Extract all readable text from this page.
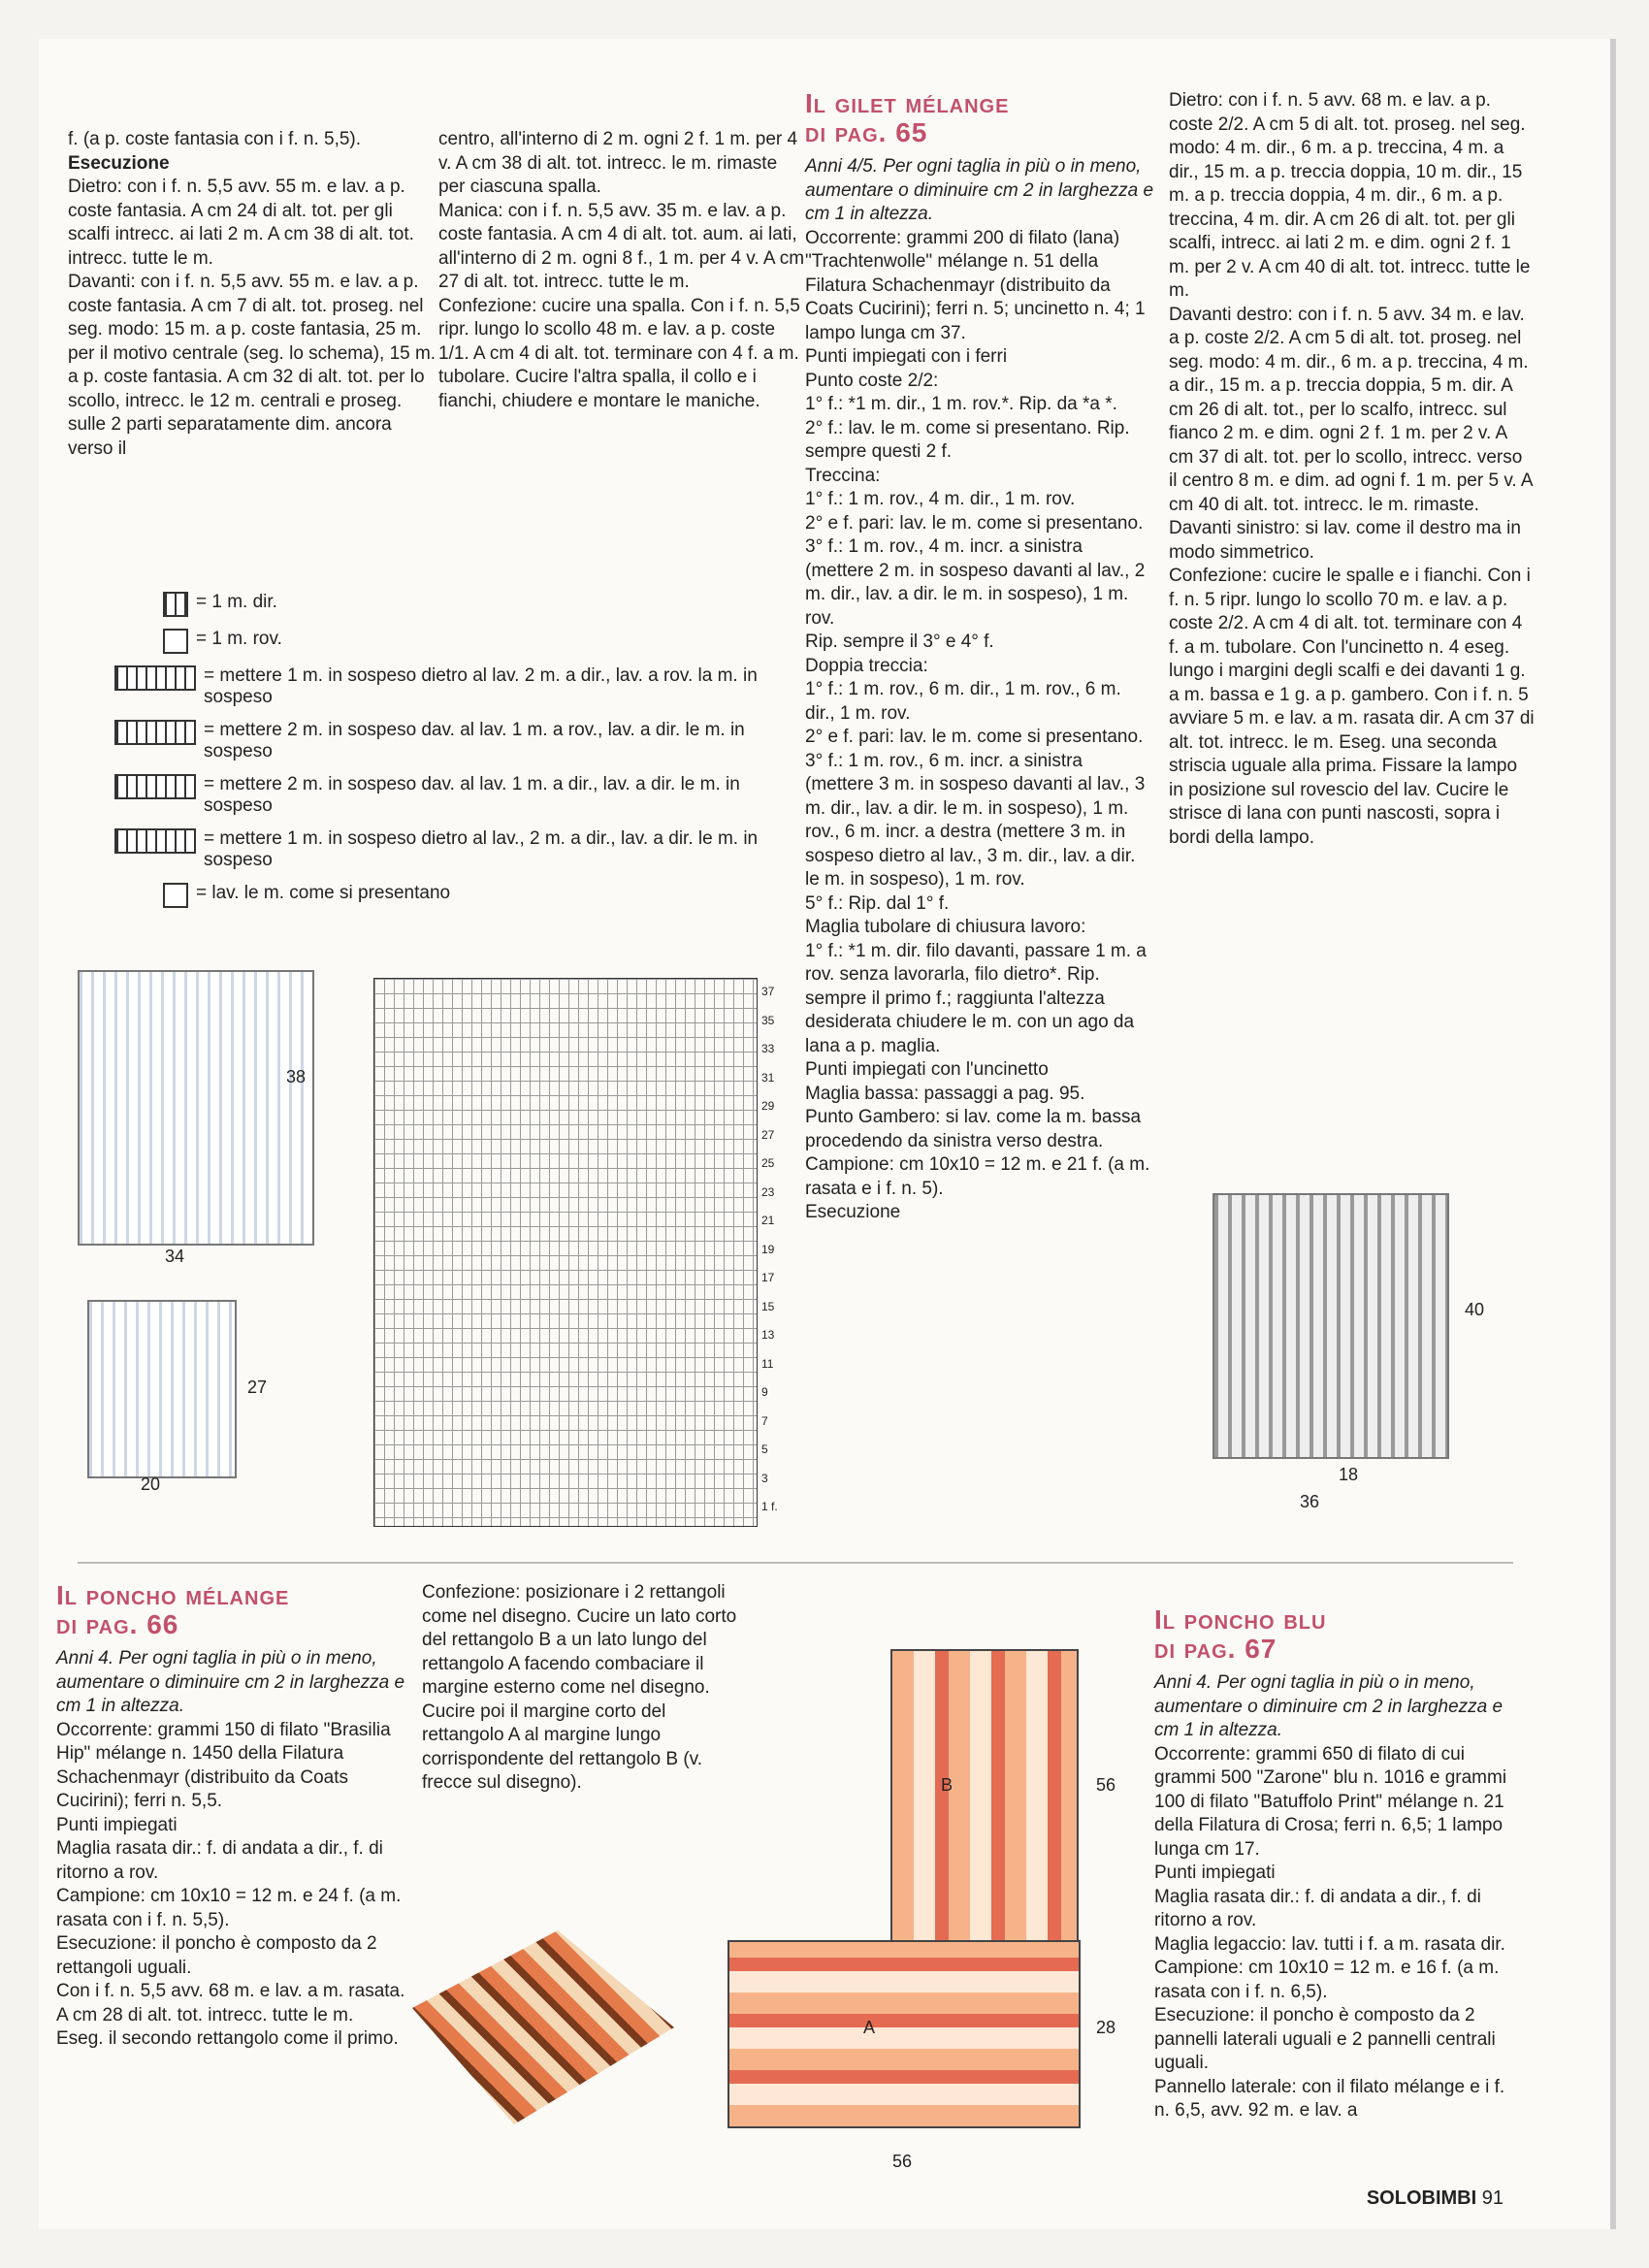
f. (a p. coste fantasia con i f. n. 5,5).

Esecuzione

Dietro: con i f. n. 5,5 avv. 55 m. e lav. a p. coste fantasia. A cm 24 di alt. tot. per gli scalfi intrecc. ai lati 2 m. A cm 38 di alt. tot. intrecc. tutte le m.

Davanti: con i f. n. 5,5 avv. 55 m. e lav. a p. coste fantasia. A cm 7 di alt. tot. proseg. nel seg. modo: 15 m. a p. coste fantasia, 25 m. per il motivo centrale (seg. lo schema), 15 m. a p. coste fantasia. A cm 32 di alt. tot. per lo scollo, intrecc. le 12 m. centrali e proseg. sulle 2 parti separatamente dim. ancora verso il

centro, all'interno di 2 m. ogni 2 f. 1 m. per 4 v. A cm 38 di alt. tot. intrecc. le m. rimaste per ciascuna spalla.

Manica: con i f. n. 5,5 avv. 35 m. e lav. a p. coste fantasia. A cm 4 di alt. tot. aum. ai lati, all'interno di 2 m. ogni 8 f., 1 m. per 4 v. A cm 27 di alt. tot. intrecc. tutte le m.

Confezione: cucire una spalla. Con i f. n. 5,5 ripr. lungo lo scollo 48 m. e lav. a p. coste 1/1. A cm 4 di alt. tot. terminare con 4 f. a m. tubolare. Cucire l'altra spalla, il collo e i fianchi, chiudere e montare le maniche.

= 1 m. dir.
= 1 m. rov.
= mettere 1 m. in sospeso dietro al lav. 2 m. a dir., lav. a rov. la m. in sospeso
= mettere 2 m. in sospeso dav. al lav. 1 m. a rov., lav. a dir. le m. in sospeso
= mettere 2 m. in sospeso dav. al lav. 1 m. a dir., lav. a dir. le m. in sospeso
= mettere 1 m. in sospeso dietro al lav., 2 m. a dir., lav. a dir. le m. in sospeso
= lav. le m. come si presentano
38
34
27
20
37
35
33
31
29
27
25
23
21
19
17
15
13
11
9
7
5
3
1 f.

Il gilet mélange

di pag. 65

Anni 4/5. Per ogni taglia in più o in meno, aumentare o diminuire cm 2 in larghezza e cm 1 in altezza.

Occorrente: grammi 200 di filato (lana) "Trachtenwolle" mélange n. 51 della Filatura Schachenmayr (distribuito da Coats Cucirini); ferri n. 5; uncinetto n. 4; 1 lampo lunga cm 37.

Punti impiegati con i ferri

Punto coste 2/2:

1° f.: *1 m. dir., 1 m. rov.*. Rip. da *a *.

2° f.: lav. le m. come si presentano. Rip. sempre questi 2 f.

Treccina:

1° f.: 1 m. rov., 4 m. dir., 1 m. rov.

2° e f. pari: lav. le m. come si presentano.

3° f.: 1 m. rov., 4 m. incr. a sinistra (mettere 2 m. in sospeso davanti al lav., 2 m. dir., lav. a dir. le m. in sospeso), 1 m. rov.

Rip. sempre il 3° e 4° f.

Doppia treccia:

1° f.: 1 m. rov., 6 m. dir., 1 m. rov., 6 m. dir., 1 m. rov.

2° e f. pari: lav. le m. come si presentano.

3° f.: 1 m. rov., 6 m. incr. a sinistra (mettere 3 m. in sospeso davanti al lav., 3 m. dir., lav. a dir. le m. in sospeso), 1 m. rov., 6 m. incr. a destra (mettere 3 m. in sospeso dietro al lav., 3 m. dir., lav. a dir. le m. in sospeso), 1 m. rov.

5° f.: Rip. dal 1° f.

Maglia tubolare di chiusura lavoro:

1° f.: *1 m. dir. filo davanti, passare 1 m. a rov. senza lavorarla, filo dietro*. Rip. sempre il primo f.; raggiunta l'altezza desiderata chiudere le m. con un ago da lana a p. maglia.

Punti impiegati con l'uncinetto

Maglia bassa: passaggi a pag. 95.

Punto Gambero: si lav. come la m. bassa procedendo da sinistra verso destra.

Campione: cm 10x10 = 12 m. e 21 f. (a m. rasata e i f. n. 5).

Esecuzione

Dietro: con i f. n. 5 avv. 68 m. e lav. a p. coste 2/2. A cm 5 di alt. tot. proseg. nel seg. modo: 4 m. dir., 6 m. a p. treccina, 4 m. a dir., 15 m. a p. treccia doppia, 10 m. dir., 15 m. a p. treccia doppia, 4 m. dir., 6 m. a p. treccina, 4 m. dir. A cm 26 di alt. tot. per gli scalfi, intrecc. ai lati 2 m. e dim. ogni 2 f. 1 m. per 2 v. A cm 40 di alt. tot. intrecc. tutte le m.

Davanti destro: con i f. n. 5 avv. 34 m. e lav. a p. coste 2/2. A cm 5 di alt. tot. proseg. nel seg. modo: 4 m. dir., 6 m. a p. treccina, 4 m. a dir., 15 m. a p. treccia doppia, 5 m. dir. A cm 26 di alt. tot., per lo scalfo, intrecc. sul fianco 2 m. e dim. ogni 2 f. 1 m. per 2 v. A cm 37 di alt. tot. per lo scollo, intrecc. verso il centro 8 m. e dim. ad ogni f. 1 m. per 5 v. A cm 40 di alt. tot. intrecc. le m. rimaste.

Davanti sinistro: si lav. come il destro ma in modo simmetrico.

Confezione: cucire le spalle e i fianchi. Con i f. n. 5 ripr. lungo lo scollo 70 m. e lav. a p. coste 2/2. A cm 4 di alt. tot. terminare con 4 f. a m. tubolare. Con l'uncinetto n. 4 eseg. lungo i margini degli scalfi e dei davanti 1 g. a m. bassa e 1 g. a p. gambero. Con i f. n. 5 avviare 5 m. e lav. a m. rasata dir. A cm 37 di alt. tot. intrecc. le m. Eseg. una seconda striscia uguale alla prima. Fissare la lampo in posizione sul rovescio del lav. Cucire le strisce di lana con punti nascosti, sopra i bordi della lampo.

40
18
36

Il poncho mélange

di pag. 66

Anni 4. Per ogni taglia in più o in meno, aumentare o diminuire cm 2 in larghezza e cm 1 in altezza.

Occorrente: grammi 150 di filato "Brasilia Hip" mélange n. 1450 della Filatura Schachenmayr (distribuito da Coats Cucirini); ferri n. 5,5.

Punti impiegati

Maglia rasata dir.: f. di andata a dir., f. di ritorno a rov.

Campione: cm 10x10 = 12 m. e 24 f. (a m. rasata con i f. n. 5,5).

Esecuzione: il poncho è composto da 2 rettangoli uguali.

Con i f. n. 5,5 avv. 68 m. e lav. a m. rasata. A cm 28 di alt. tot. intrecc. tutte le m.

Eseg. il secondo rettangolo come il primo.

Confezione: posizionare i 2 rettangoli come nel disegno. Cucire un lato corto del rettangolo B a un lato lungo del rettangolo A facendo combaciare il margine esterno come nel disegno. Cucire poi il margine corto del rettangolo A al margine lungo corrispondente del rettangolo B (v. frecce sul disegno).	B
A
56
28
56

Il poncho blu

di pag. 67

Anni 4. Per ogni taglia in più o in meno, aumentare o diminuire cm 2 in larghezza e cm 1 in altezza.

Occorrente: grammi 650 di filato di cui grammi 500 "Zarone" blu n. 1016 e grammi 100 di filato "Batuffolo Print" mélange n. 21 della Filatura di Crosa; ferri n. 6,5; 1 lampo lunga cm 17.

Punti impiegati

Maglia rasata dir.: f. di andata a dir., f. di ritorno a rov.

Maglia legaccio: lav. tutti i f. a m. rasata dir.

Campione: cm 10x10 = 12 m. e 16 f. (a m. rasata con i f. n. 6,5).

Esecuzione: il poncho è composto da 2 pannelli laterali uguali e 2 pannelli centrali uguali.

Pannello laterale: con il filato mélange e i f. n. 6,5, avv. 92 m. e lav. a

SOLOBIMBI 91
